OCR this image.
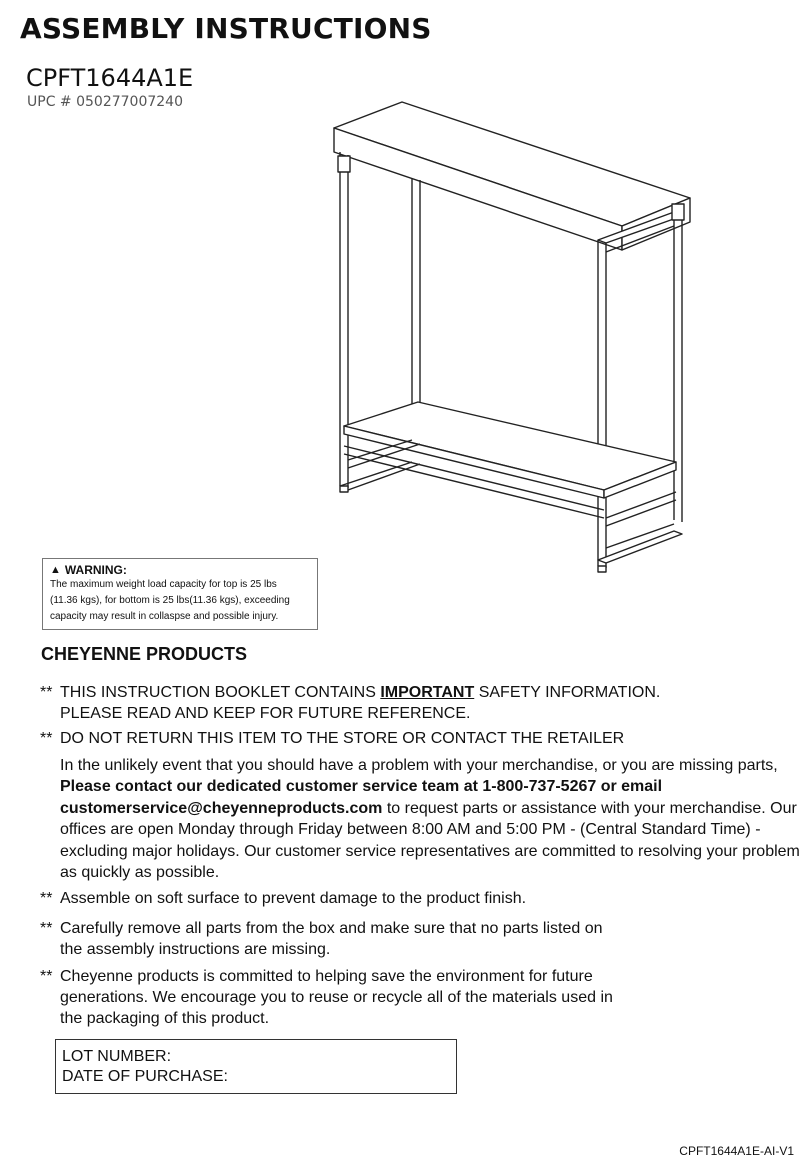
ASSEMBLY INSTRUCTIONS
CPFT1644A1E
UPC # 050277007240
▲ WARNING:
The maximum weight load capacity for top is 25 lbs
(11.36 kgs), for bottom is 25 lbs(11.36 kgs), exceeding
capacity may result in collaspse and possible injury.
CHEYENNE PRODUCTS
** THIS INSTRUCTION BOOKLET CONTAINS IMPORTANT SAFETY INFORMATION.
PLEASE READ AND KEEP FOR FUTURE REFERENCE.
** DO NOT RETURN THIS ITEM TO THE STORE OR CONTACT THE RETAILER
In the unlikely event that you should have a problem with your merchandise, or you are missing parts, Please contact our dedicated customer service team at 1-800-737-5267 or email customerservice@cheyenneproducts.com to request parts or assistance with your merchandise. Our offices are open Monday through Friday between 8:00 AM and 5:00 PM - (Central Standard Time) - excluding major holidays. Our customer service representatives are committed to resolving your problem as quickly as possible.
** Assemble on soft surface to prevent damage to the product finish.
** Carefully remove all parts from the box and make sure that no parts listed on
the assembly instructions are missing.
** Cheyenne products is committed to helping save the environment for future
generations. We encourage you to reuse or recycle all of the materials used in
the packaging of this product.
LOT NUMBER:
DATE OF PURCHASE:
CPFT1644A1E-AI-V1
